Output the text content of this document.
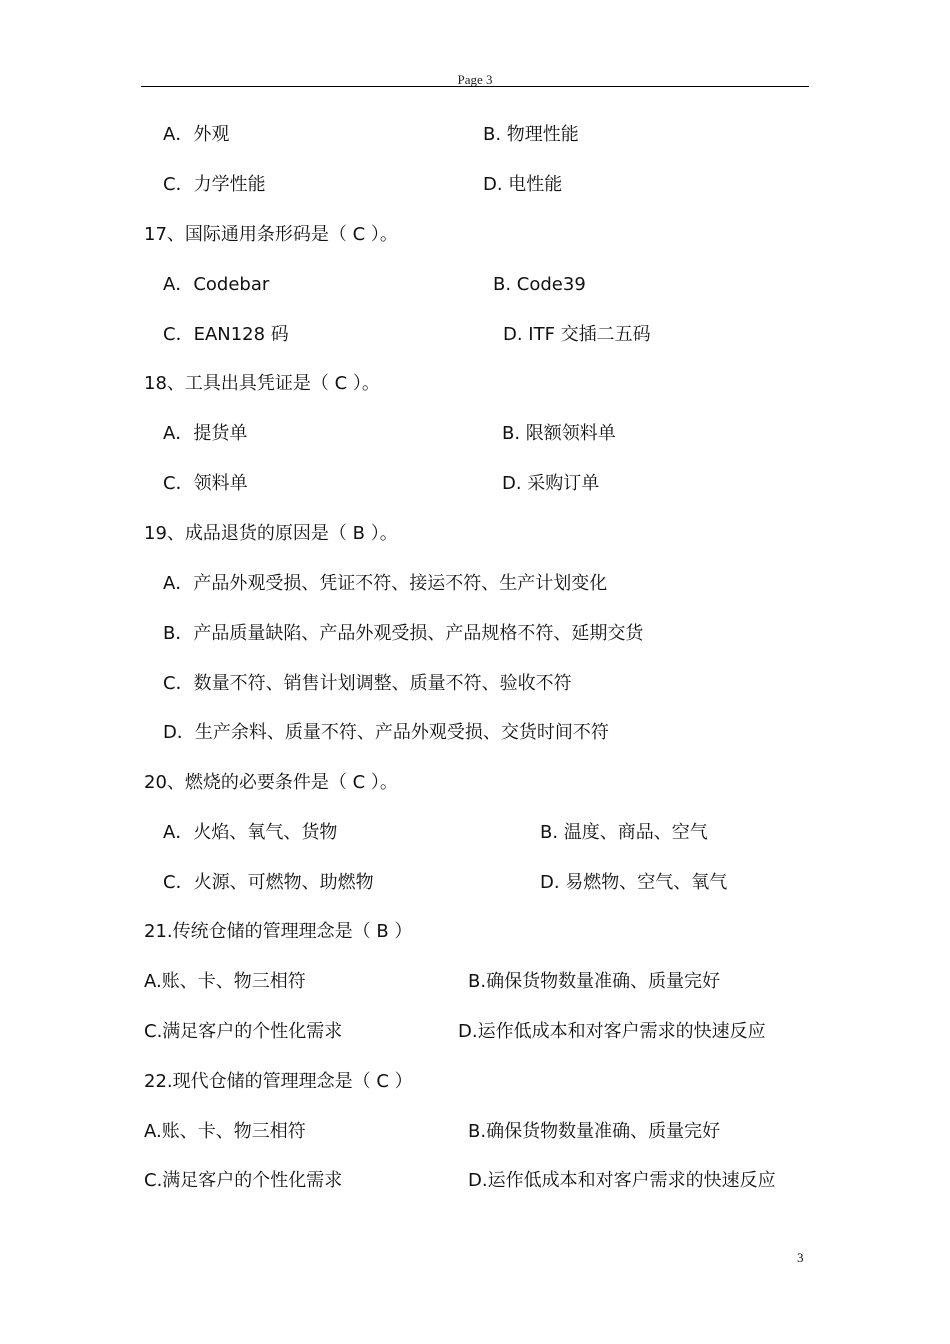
Page 3
A．外观	B. 物理性能
C．力学性能	D. 电性能
17、国际通用条形码是（ C ）。
A．Codebar	B. Code39
C．EAN128 码	D. ITF 交插二五码
18、工具出具凭证是（ C ）。
A．提货单	B. 限额领料单
C．领料单	D. 采购订单
19、成品退货的原因是（ B ）。
A．产品外观受损、凭证不符、接运不符、生产计划变化
B．产品质量缺陷、产品外观受损、产品规格不符、延期交货
C．数量不符、销售计划调整、质量不符、验收不符
D．生产余料、质量不符、产品外观受损、交货时间不符
20、燃烧的必要条件是（ C ）。
A．火焰、氧气、货物	B. 温度、商品、空气
C．火源、可燃物、助燃物	D. 易燃物、空气、氧气
21.传统仓储的管理理念是（ B ）
A.账、卡、物三相符	B.确保货物数量准确、质量完好
C.满足客户的个性化需求	D.运作低成本和对客户需求的快速反应
22.现代仓储的管理理念是（ C ）
A.账、卡、物三相符	B.确保货物数量准确、质量完好
C.满足客户的个性化需求	D.运作低成本和对客户需求的快速反应
3
